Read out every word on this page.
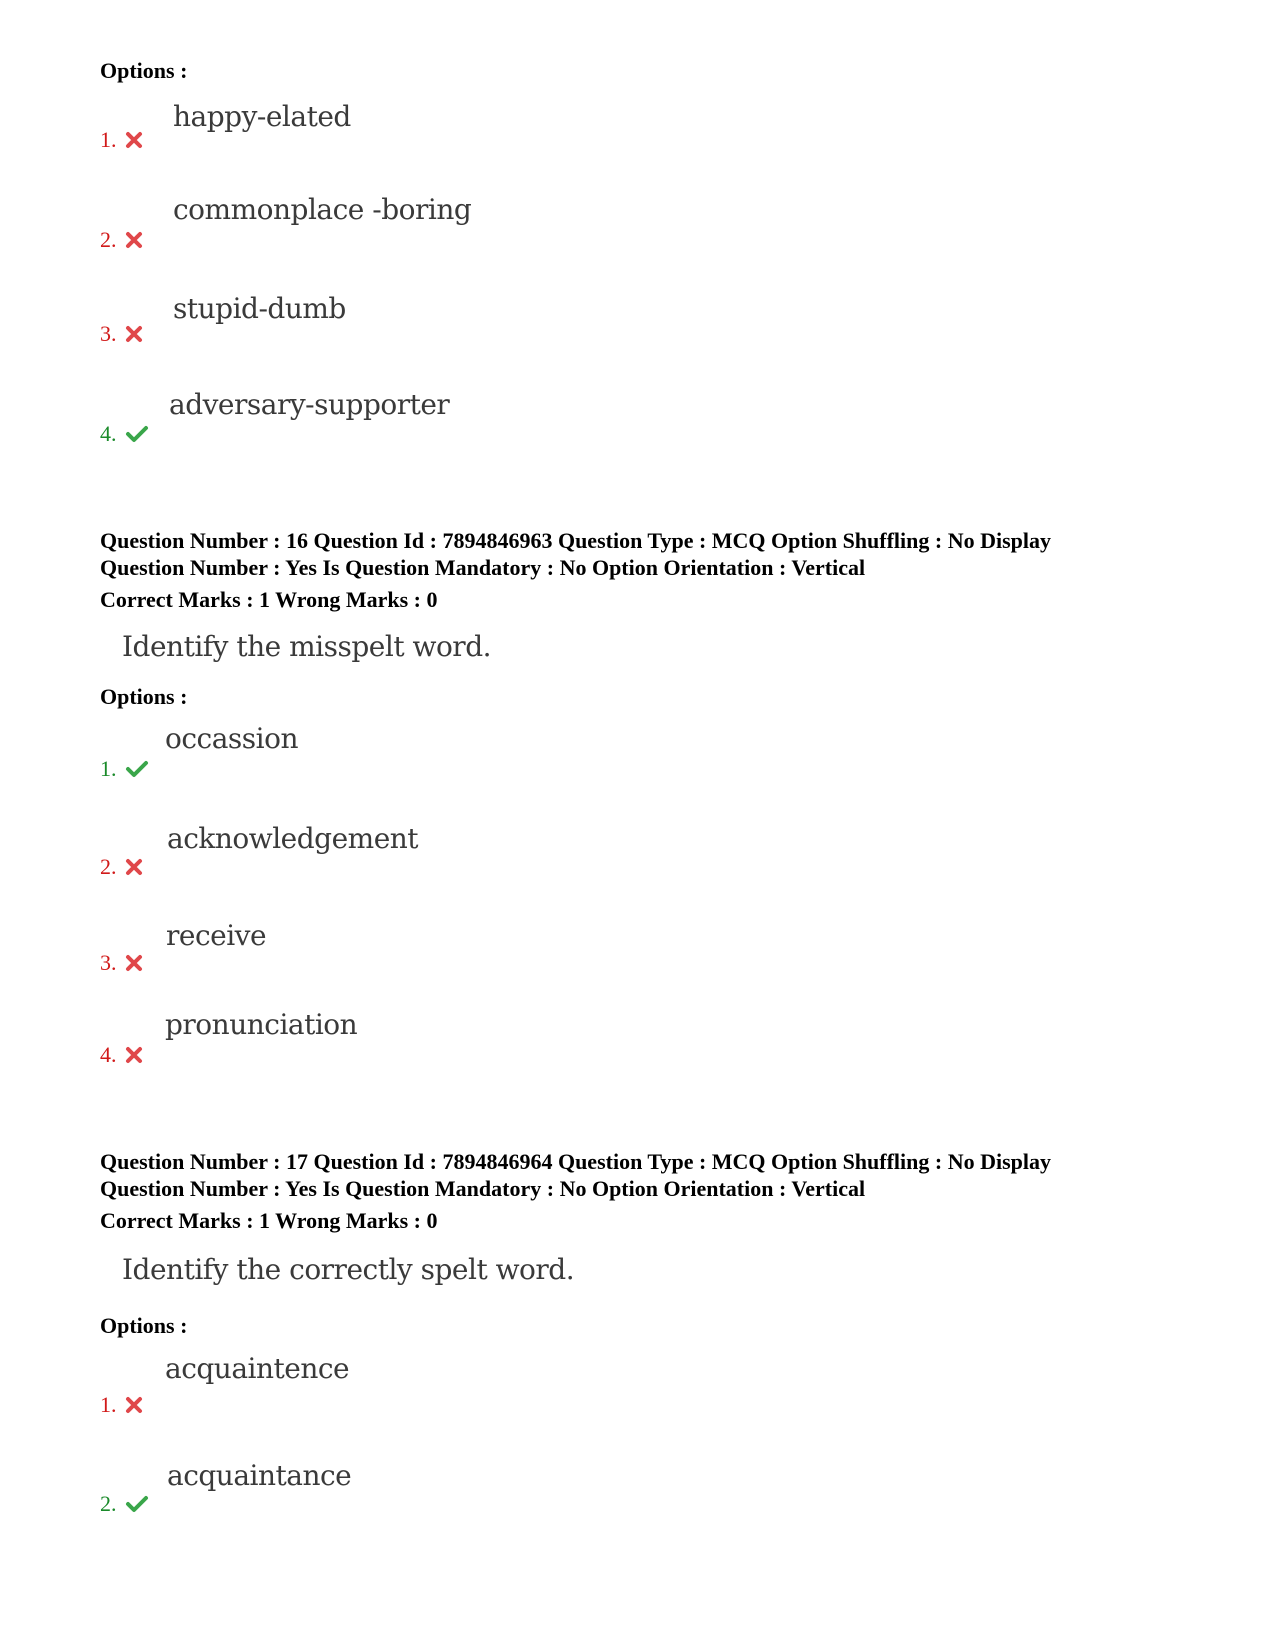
Options :
happy-elated
1.
commonplace -boring
2.
stupid-dumb
3.
adversary-supporter
4.
Question Number : 16 Question Id : 7894846963 Question Type : MCQ Option Shuffling : No Display
Question Number : Yes Is Question Mandatory : No Option Orientation : Vertical
Correct Marks : 1 Wrong Marks : 0
Identify the misspelt word.
Options :
occassion
1.
acknowledgement
2.
receive
3.
pronunciation
4.
Question Number : 17 Question Id : 7894846964 Question Type : MCQ Option Shuffling : No Display
Question Number : Yes Is Question Mandatory : No Option Orientation : Vertical
Correct Marks : 1 Wrong Marks : 0
Identify the correctly spelt word.
Options :
acquaintence
1.
acquaintance
2.
